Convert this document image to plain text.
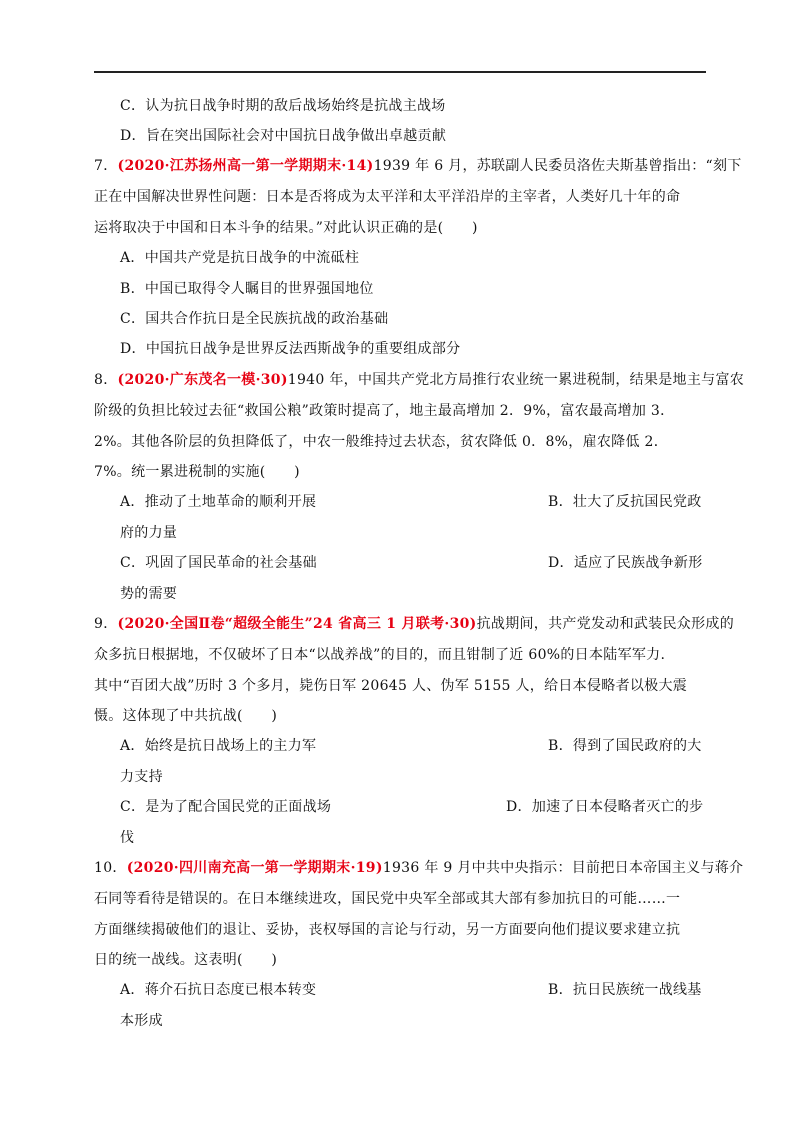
C．认为抗日战争时期的敌后战场始终是抗战主战场
D．旨在突出国际社会对中国抗日战争做出卓越贡献
7．(2020·江苏扬州高一第一学期期末·14)1939 年 6 月，苏联副人民委员洛佐夫斯基曾指出：“刻下
正在中国解决世界性问题：日本是否将成为太平洋和太平洋沿岸的主宰者，人类好几十年的命
运将取决于中国和日本斗争的结果。”对此认识正确的是(　　)
A．中国共产党是抗日战争的中流砥柱
B．中国已取得令人瞩目的世界强国地位
C．国共合作抗日是全民族抗战的政治基础
D．中国抗日战争是世界反法西斯战争的重要组成部分
8．(2020·广东茂名一模·30)1940 年，中国共产党北方局推行农业统一累进税制，结果是地主与富农
阶级的负担比较过去征“救国公粮”政策时提高了，地主最高增加 2．9%，富农最高增加 3．
2%。其他各阶层的负担降低了，中农一般维持过去状态，贫农降低 0．8%，雇农降低 2．
7%。统一累进税制的实施(　　)
A．推动了土地革命的顺利开展	B．壮大了反抗国民党政
府的力量
C．巩固了国民革命的社会基础	D．适应了民族战争新形
势的需要
9．(2020·全国Ⅱ卷“超级全能生”24 省高三 1 月联考·30)抗战期间，共产党发动和武装民众形成的
众多抗日根据地，不仅破坏了日本“以战养战”的目的，而且钳制了近 60%的日本陆军军力.
其中“百团大战”历时 3 个多月，毙伤日军 20645 人、伪军 5155 人，给日本侵略者以极大震
慑。这体现了中共抗战(　　)
A．始终是抗日战场上的主力军	B．得到了国民政府的大
力支持
C．是为了配合国民党的正面战场	D．加速了日本侵略者灭亡的步
伐
10．(2020·四川南充高一第一学期期末·19)1936 年 9 月中共中央指示：目前把日本帝国主义与蒋介
石同等看待是错误的。在日本继续进攻，国民党中央军全部或其大部有参加抗日的可能……一
方面继续揭破他们的退让、妥协，丧权辱国的言论与行动，另一方面要向他们提议要求建立抗
日的统一战线。这表明(　　)
A．蒋介石抗日态度已根本转变	B．抗日民族统一战线基
本形成
